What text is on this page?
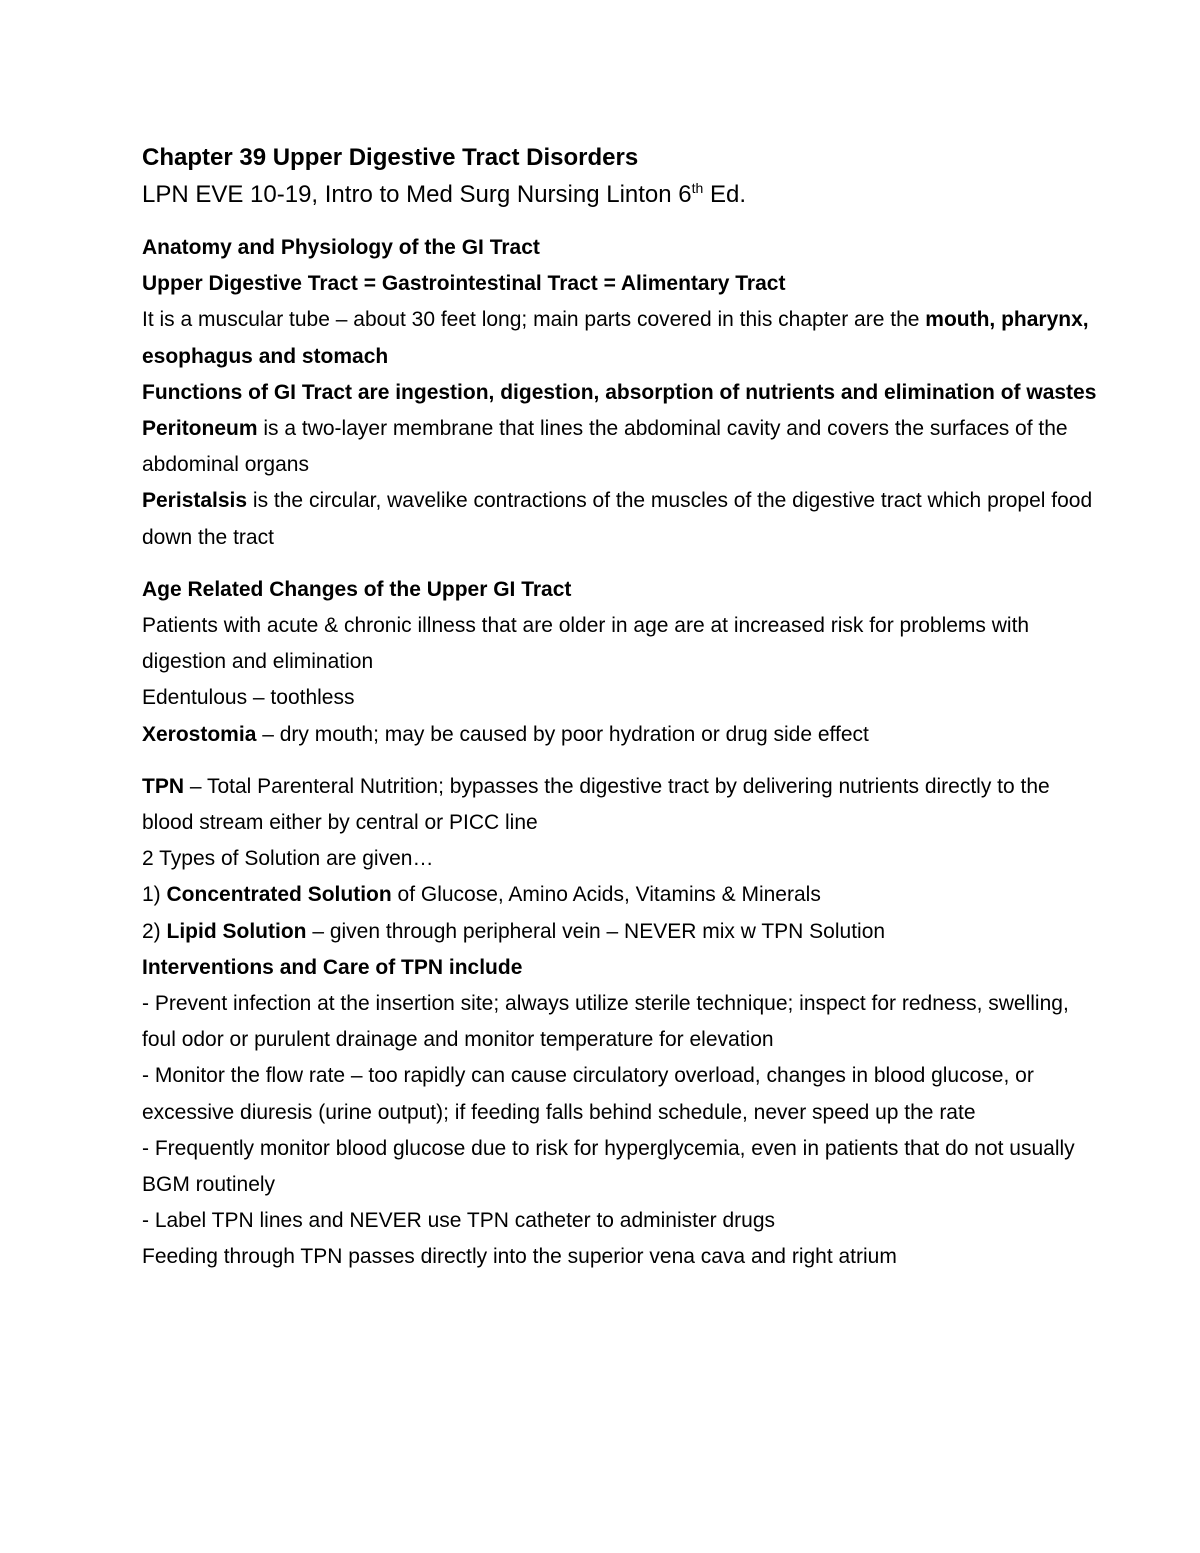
Chapter 39 Upper Digestive Tract Disorders

LPN EVE 10-19, Intro to Med Surg Nursing Linton 6th Ed.

Anatomy and Physiology of the GI Tract

Upper Digestive Tract = Gastrointestinal Tract = Alimentary Tract

It is a muscular tube – about 30 feet long; main parts covered in this chapter are the mouth, pharynx, esophagus and stomach

Functions of GI Tract are ingestion, digestion, absorption of nutrients and elimination of wastes

Peritoneum is a two-layer membrane that lines the abdominal cavity and covers the surfaces of the abdominal organs

Peristalsis is the circular, wavelike contractions of the muscles of the digestive tract which propel food down the tract

Age Related Changes of the Upper GI Tract

Patients with acute & chronic illness that are older in age are at increased risk for problems with digestion and elimination

Edentulous – toothless

Xerostomia – dry mouth; may be caused by poor hydration or drug side effect

TPN – Total Parenteral Nutrition; bypasses the digestive tract by delivering nutrients directly to the blood stream either by central or PICC line

2 Types of Solution are given…

1) Concentrated Solution of Glucose, Amino Acids, Vitamins & Minerals

2) Lipid Solution – given through peripheral vein – NEVER mix w TPN Solution

Interventions and Care of TPN include

- Prevent infection at the insertion site; always utilize sterile technique; inspect for redness, swelling, foul odor or purulent drainage and monitor temperature for elevation

- Monitor the flow rate – too rapidly can cause circulatory overload, changes in blood glucose, or excessive diuresis (urine output); if feeding falls behind schedule, never speed up the rate

- Frequently monitor blood glucose due to risk for hyperglycemia, even in patients that do not usually BGM routinely

- Label TPN lines and NEVER use TPN catheter to administer drugs

Feeding through TPN passes directly into the superior vena cava and right atrium
